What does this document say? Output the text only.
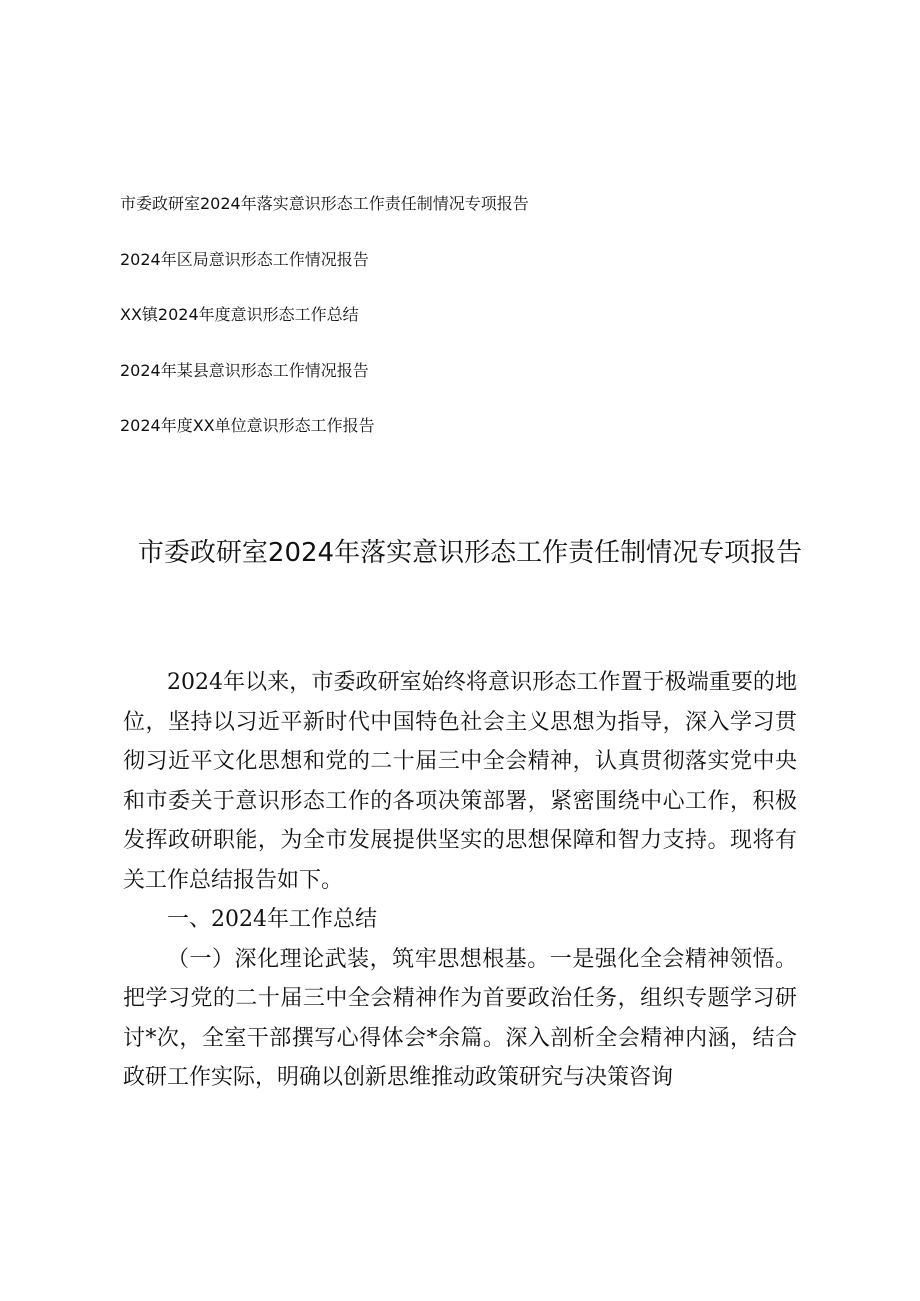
市委政研室2024年落实意识形态工作责任制情况专项报告
2024年区局意识形态工作情况报告
XX镇2024年度意识形态工作总结
2024年某县意识形态工作情况报告
2024年度XX单位意识形态工作报告
市委政研室2024年落实意识形态工作责任制情况专项报告

2024年以来，市委政研室始终将意识形态工作置于极端重要的地位，坚持以习近平新时代中国特色社会主义思想为指导，深入学习贯彻习近平文化思想和党的二十届三中全会精神，认真贯彻落实党中央和市委关于意识形态工作的各项决策部署，紧密围绕中心工作，积极发挥政研职能，为全市发展提供坚实的思想保障和智力支持。现将有关工作总结报告如下。

一、2024年工作总结

（一）深化理论武装，筑牢思想根基。一是强化全会精神领悟。把学习党的二十届三中全会精神作为首要政治任务，组织专题学习研讨*次，全室干部撰写心得体会*余篇。深入剖析全会精神内涵，结合政研工作实际，明确以创新思维推动政策研究与决策咨询
